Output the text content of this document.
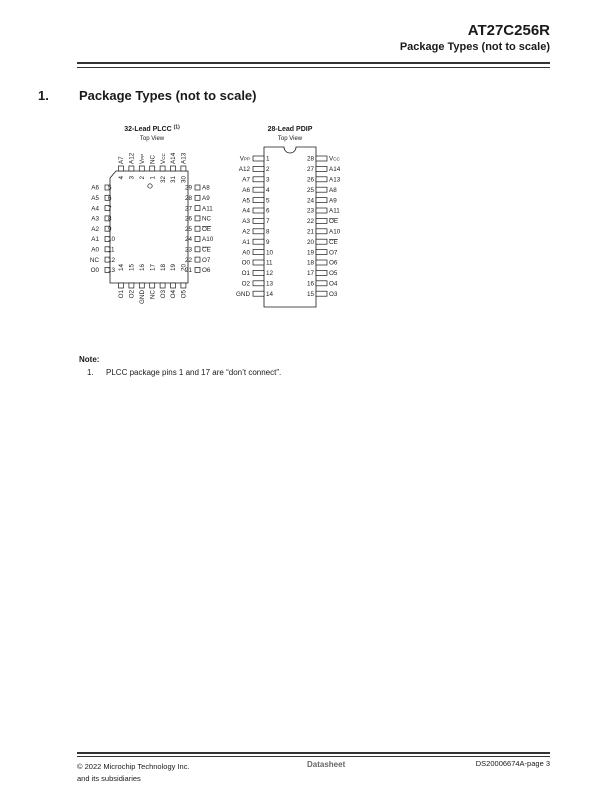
AT27C256R
Package Types (not to scale)
1. Package Types (not to scale)
32-Lead PLCC $^{(1)}$
Top View
A6 5
A5 6
A4 7
A3 8
A2 9
A1 10
A0 11
NC 12
O0 13
A8
29
A9
28
A11
27
NC
26
OE
25
A10
24
CE
23
O7
22
O6
21
A7
4
A12
3
VPP
2
NC
1
VCC
32
A14
31
A13
30
O1
14
O2
15
GND
16
NC
17
O3
18
O4
19
O5
20
28-Lead PDIP
Top View
VPP	1
A12	2
A7	3
A6	4
A5	5
A4	6
A3	7
A2	8
A1	9
A0	10
O0	11
O1	12
O2	13
GND	14
VCC
28
A14
27
A13
26
A8
25
A9
24
A11
23
OE
22
A10
21
CE
20
O7
19
O6
18
O5
17
O4
16
O3
15
Note:
1. PLCC package pins 1 and 17 are “don’t connect”.
© 2022 Microchip Technology Inc.
and its subsidiaries
Datasheet	DS20006674A-page 3
